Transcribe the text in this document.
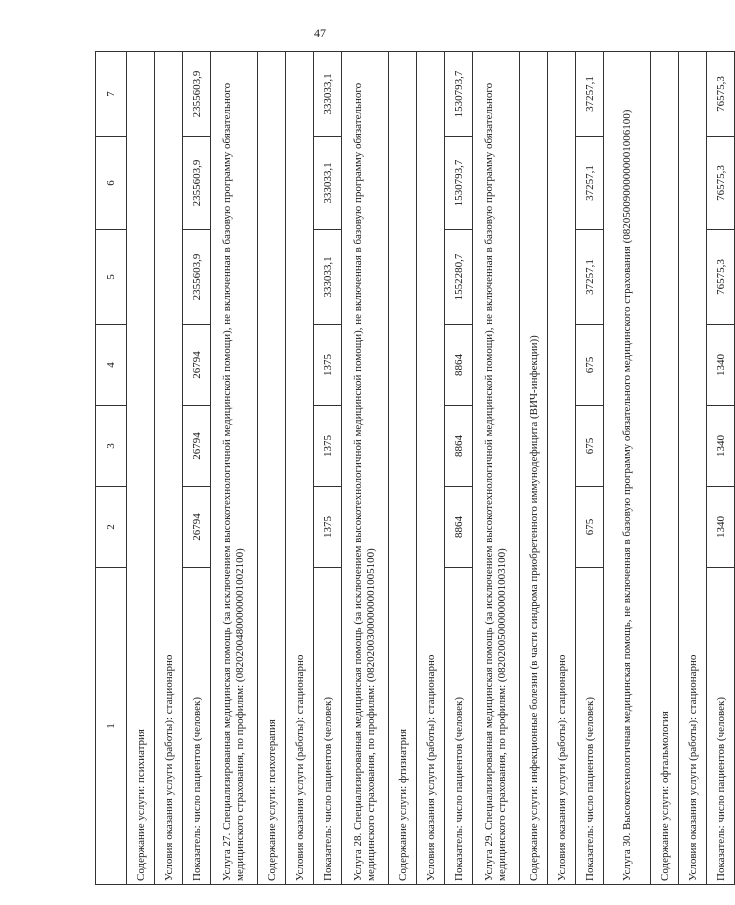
47
1	2	3	4	5	6	7
Содержание услуги: психиатрия						
Условия оказания услуги (работы): стационарно						
Показатель: число пациентов (человек)	26794	26794	26794	2355603,9	2355603,9	2355603,9
Услуга 27. Специализированная медицинская помощь (за исключением высокотехнологичной медицинской помощи), не включенная в базовую программу обязательного медицинского страхования, по профилям: (08202004800000001002100)						
Содержание услуги: психотерапия						
Условия оказания услуги (работы): стационарно						
Показатель: число пациентов (человек)	1375	1375	1375	333033,1	333033,1	333033,1
Услуга 28. Специализированная медицинская помощь (за исключением высокотехнологичной медицинской помощи), не включенная в базовую программу обязательного медицинского страхования, по профилям: (08202003000000001005100)						
Содержание услуги: фтизиатрия						
Условия оказания услуги (работы): стационарно						
Показатель: число пациентов (человек)	8864	8864	8864	1552280,7	1530793,7	1530793,7
Услуга 29. Специализированная медицинская помощь (за исключением высокотехнологичной медицинской помощи), не включенная в базовую программу обязательного медицинского страхования, по профилям: (08202005000000001003100)						
Содержание услуги: инфекционные болезни (в части синдрома приобретенного иммунодефицита (ВИЧ-инфекции))						
Условия оказания услуги (работы): стационарно						
Показатель: число пациентов (человек)	675	675	675	37257,1	37257,1	37257,1
Услуга 30. Высокотехнологичная медицинская помощь, не включенная в базовую программу обязательного медицинского страхования (08205009000000001006100)						
Содержание услуги: офтальмология						
Условия оказания услуги (работы): стационарно						
Показатель: число пациентов (человек)	1340	1340	1340	76575,3	76575,3	76575,3
